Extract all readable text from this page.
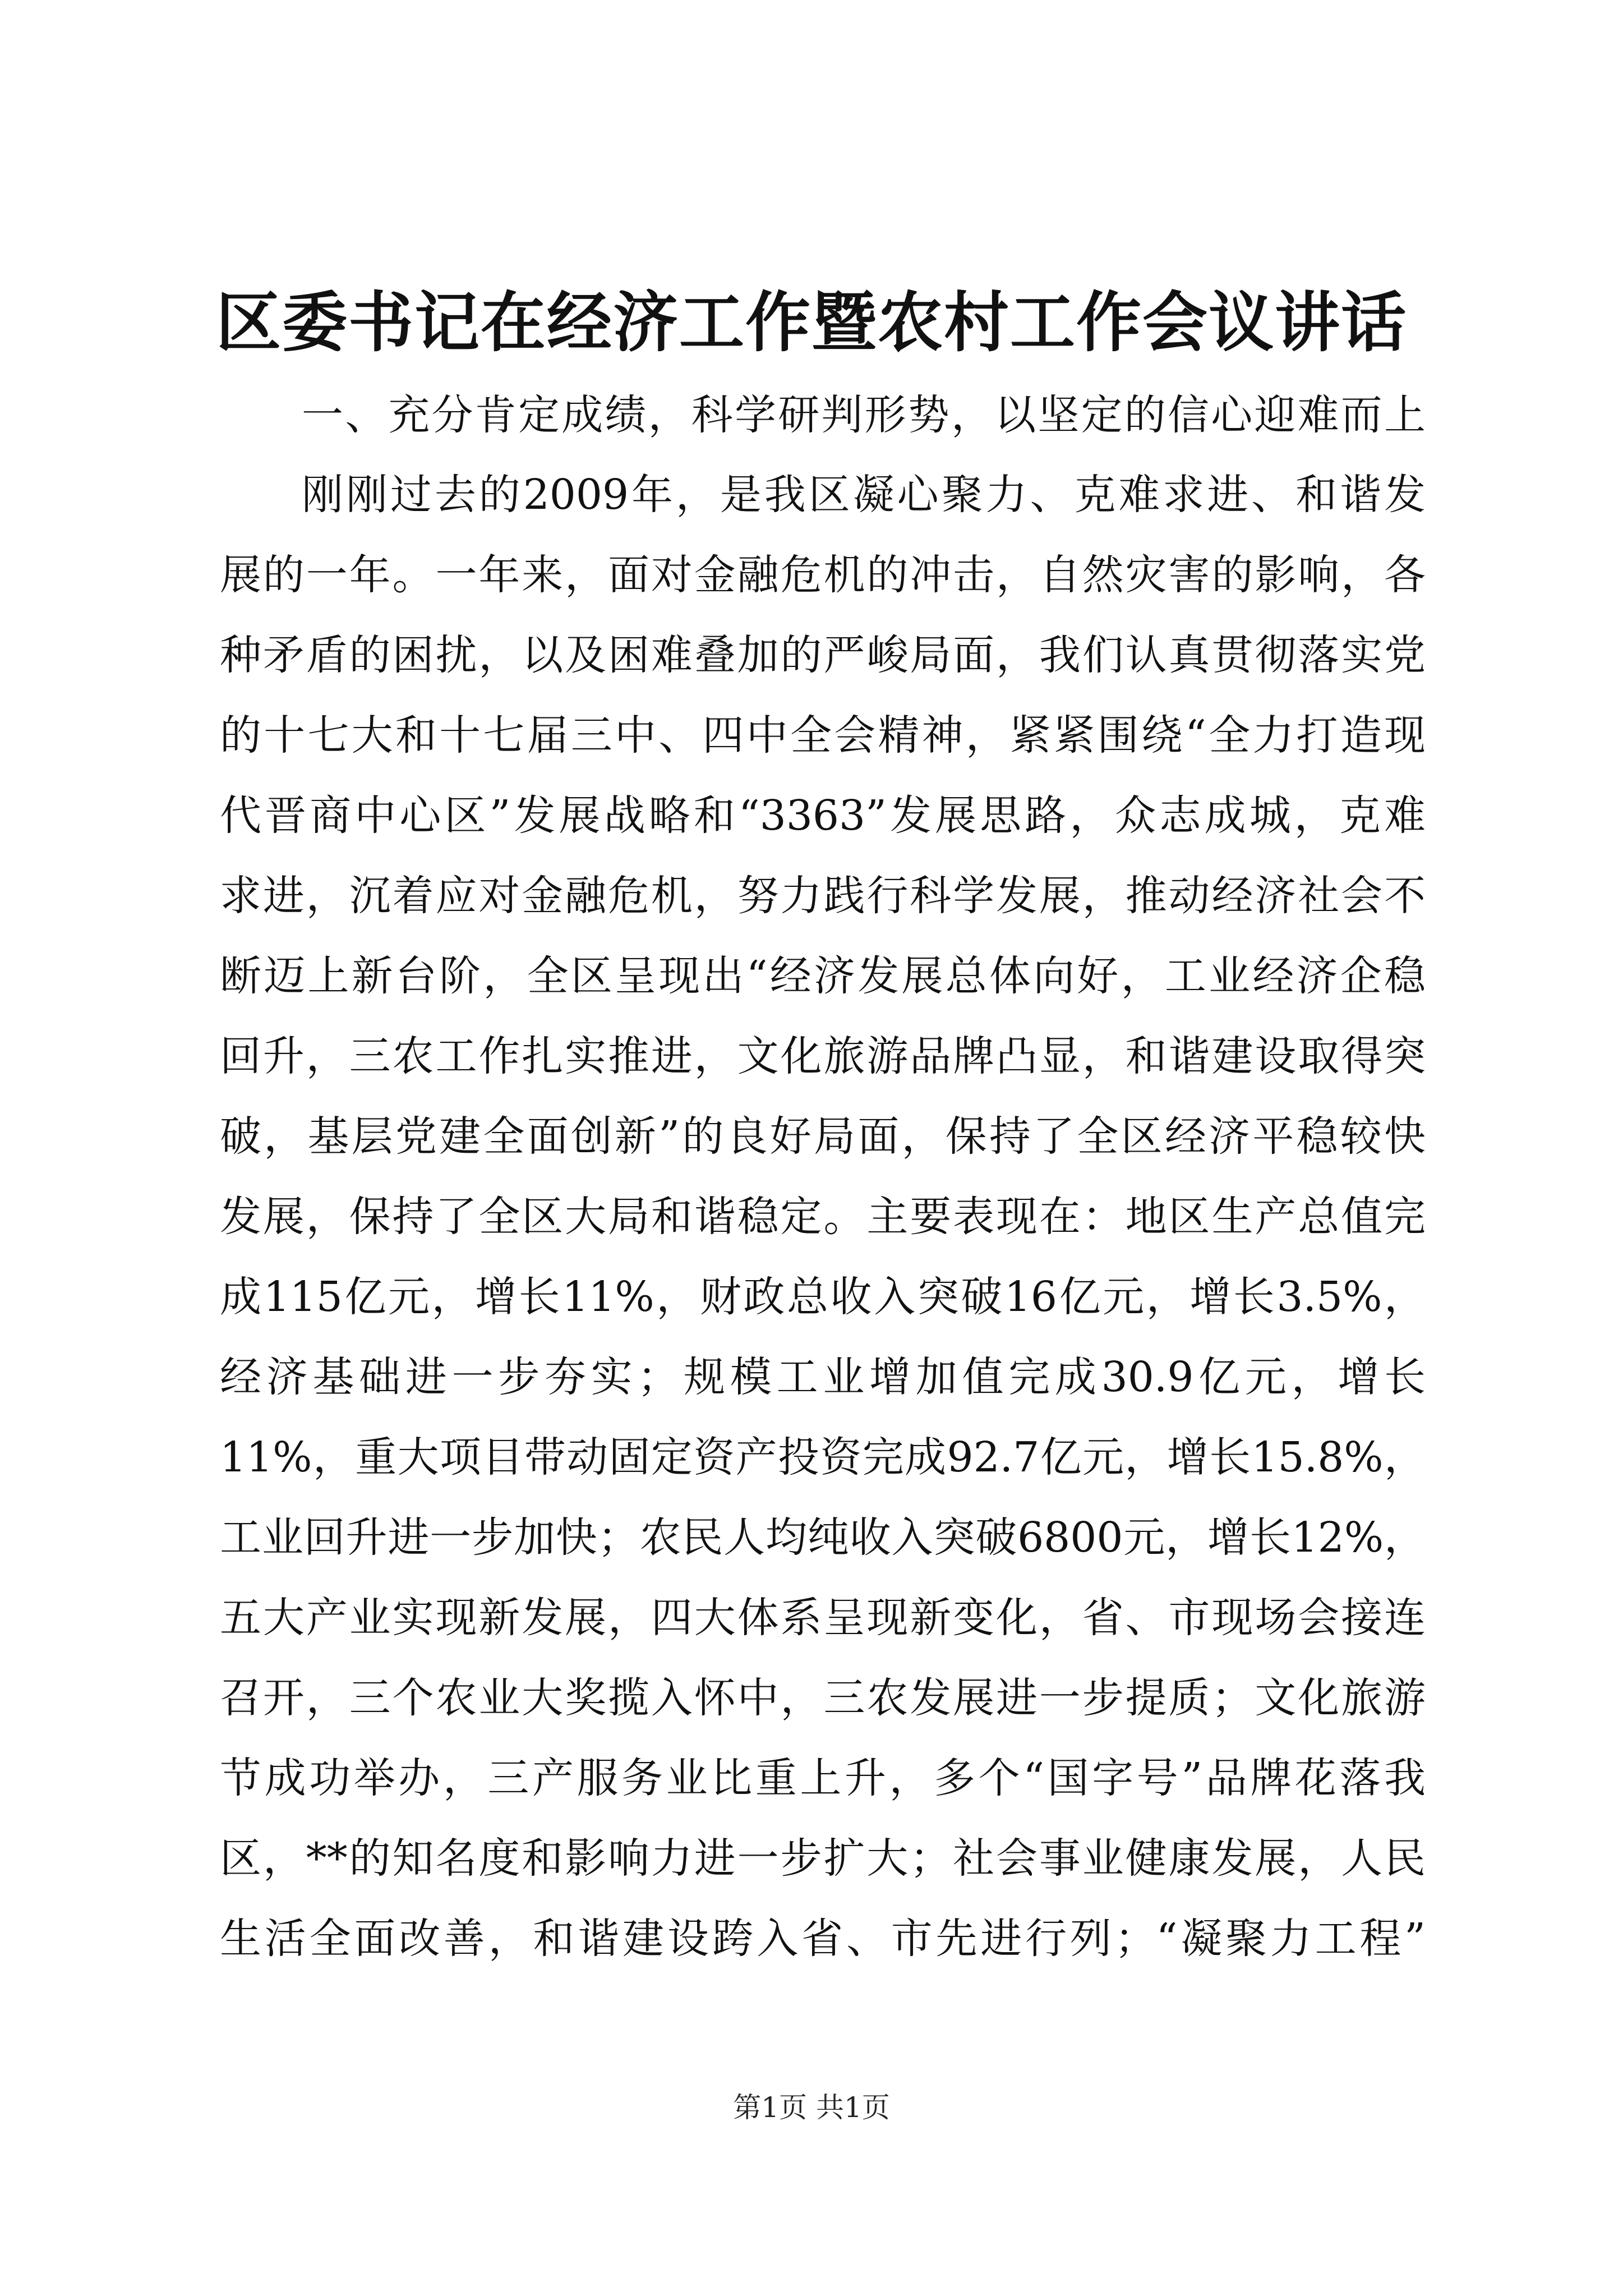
区委书记在经济工作暨农村工作会议讲话
一、充分肯定成绩，科学研判形势，以坚定的信心迎难而上
刚刚过去的2009年，是我区凝心聚力、克难求进、和谐发
展的一年。一年来，面对金融危机的冲击，自然灾害的影响，各
种矛盾的困扰，以及困难叠加的严峻局面，我们认真贯彻落实党
的十七大和十七届三中、四中全会精神，紧紧围绕“全力打造现
代晋商中心区”发展战略和“3363”发展思路，众志成城，克难
求进，沉着应对金融危机，努力践行科学发展，推动经济社会不
断迈上新台阶，全区呈现出“经济发展总体向好，工业经济企稳
回升，三农工作扎实推进，文化旅游品牌凸显，和谐建设取得突
破，基层党建全面创新”的良好局面，保持了全区经济平稳较快
发展，保持了全区大局和谐稳定。主要表现在：地区生产总值完
成115亿元，增长11%，财政总收入突破16亿元，增长3.5%，
经济基础进一步夯实；规模工业增加值完成30.9亿元，增长
11%，重大项目带动固定资产投资完成92.7亿元，增长15.8%，
工业回升进一步加快；农民人均纯收入突破6800元，增长12%，
五大产业实现新发展，四大体系呈现新变化，省、市现场会接连
召开，三个农业大奖揽入怀中，三农发展进一步提质；文化旅游
节成功举办，三产服务业比重上升，多个“国字号”品牌花落我
区，**的知名度和影响力进一步扩大；社会事业健康发展，人民
生活全面改善，和谐建设跨入省、市先进行列；“凝聚力工程”
第1页 共1页
